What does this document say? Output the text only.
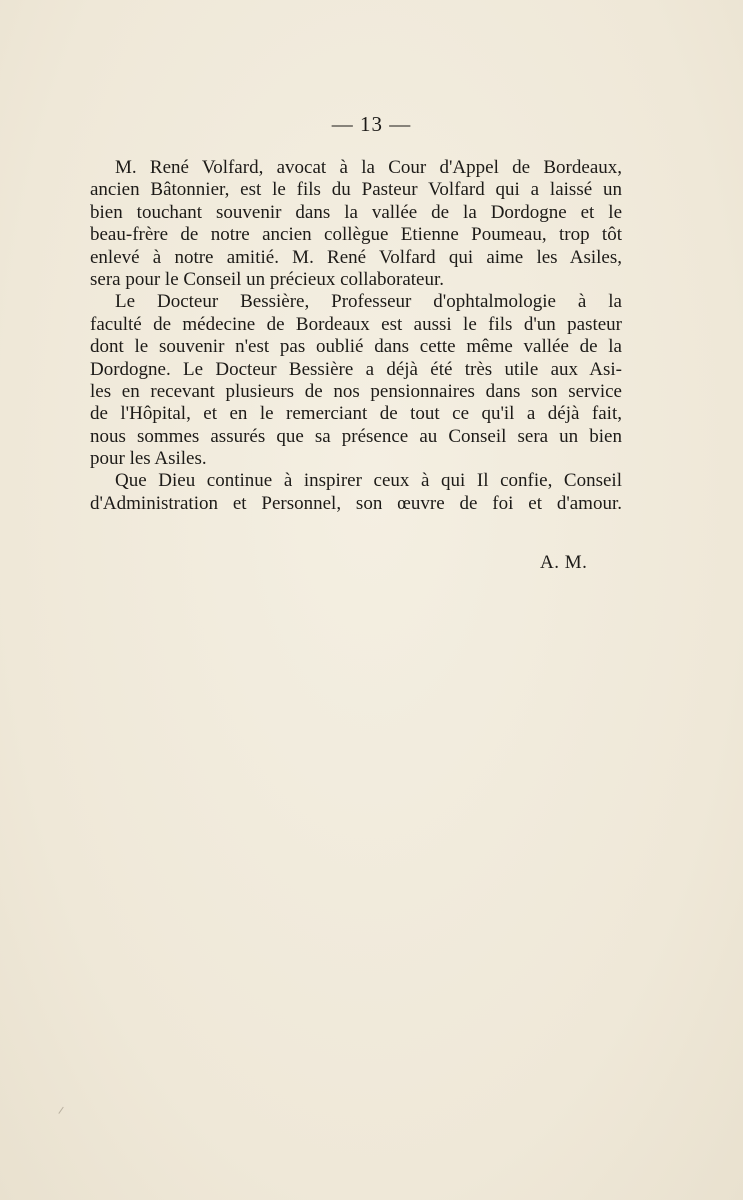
— 13 —
M. René Volfard, avocat à la Cour d'Appel de Bordeaux,
ancien Bâtonnier, est le fils du Pasteur Volfard qui a laissé un
bien touchant souvenir dans la vallée de la Dordogne et le
beau-frère de notre ancien collègue Etienne Poumeau, trop tôt
enlevé à notre amitié. M. René Volfard qui aime les Asiles,
sera pour le Conseil un précieux collaborateur.
Le Docteur Bessière, Professeur d'ophtalmologie à la
faculté de médecine de Bordeaux est aussi le fils d'un pasteur
dont le souvenir n'est pas oublié dans cette même vallée de la
Dordogne. Le Docteur Bessière a déjà été très utile aux Asi-
les en recevant plusieurs de nos pensionnaires dans son service
de l'Hôpital, et en le remerciant de tout ce qu'il a déjà fait,
nous sommes assurés que sa présence au Conseil sera un bien
pour les Asiles.
Que Dieu continue à inspirer ceux à qui Il confie, Conseil
d'Administration et Personnel, son œuvre de foi et d'amour.
A. M.
